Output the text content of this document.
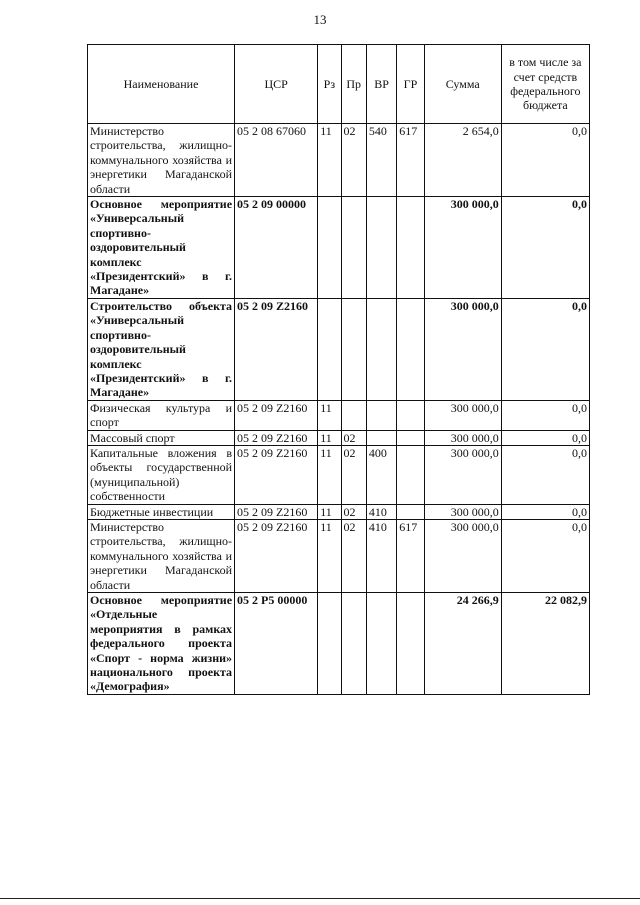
13
Наименование	ЦСР	Рз	Пр	ВР	ГР	Сумма	в том числе за счет средств федерального бюджета
Министерство строительства, жилищно-коммунального хозяйства и энергетики Магаданской области	05 2 08 67060	11	02	540	617	2 654,0	0,0
Основное мероприятие «Универсальный спортивно-оздоровительный комплекс «Президентский» в г. Магадане»	05 2 09 00000					300 000,0	0,0
Строительство объекта «Универсальный спортивно-оздоровительный комплекс «Президентский» в г. Магадане»	05 2 09 Z2160					300 000,0	0,0
Физическая культура и спорт	05 2 09 Z2160	11				300 000,0	0,0
Массовый спорт	05 2 09 Z2160	11	02			300 000,0	0,0
Капитальные вложения в объекты государственной (муниципальной) собственности	05 2 09 Z2160	11	02	400		300 000,0	0,0
Бюджетные инвестиции	05 2 09 Z2160	11	02	410		300 000,0	0,0
Министерство строительства, жилищно-коммунального хозяйства и энергетики Магаданской области	05 2 09 Z2160	11	02	410	617	300 000,0	0,0
Основное мероприятие «Отдельные мероприятия в рамках федерального проекта «Спорт - норма жизни» национального проекта «Демография»	05 2 P5 00000					24 266,9	22 082,9
